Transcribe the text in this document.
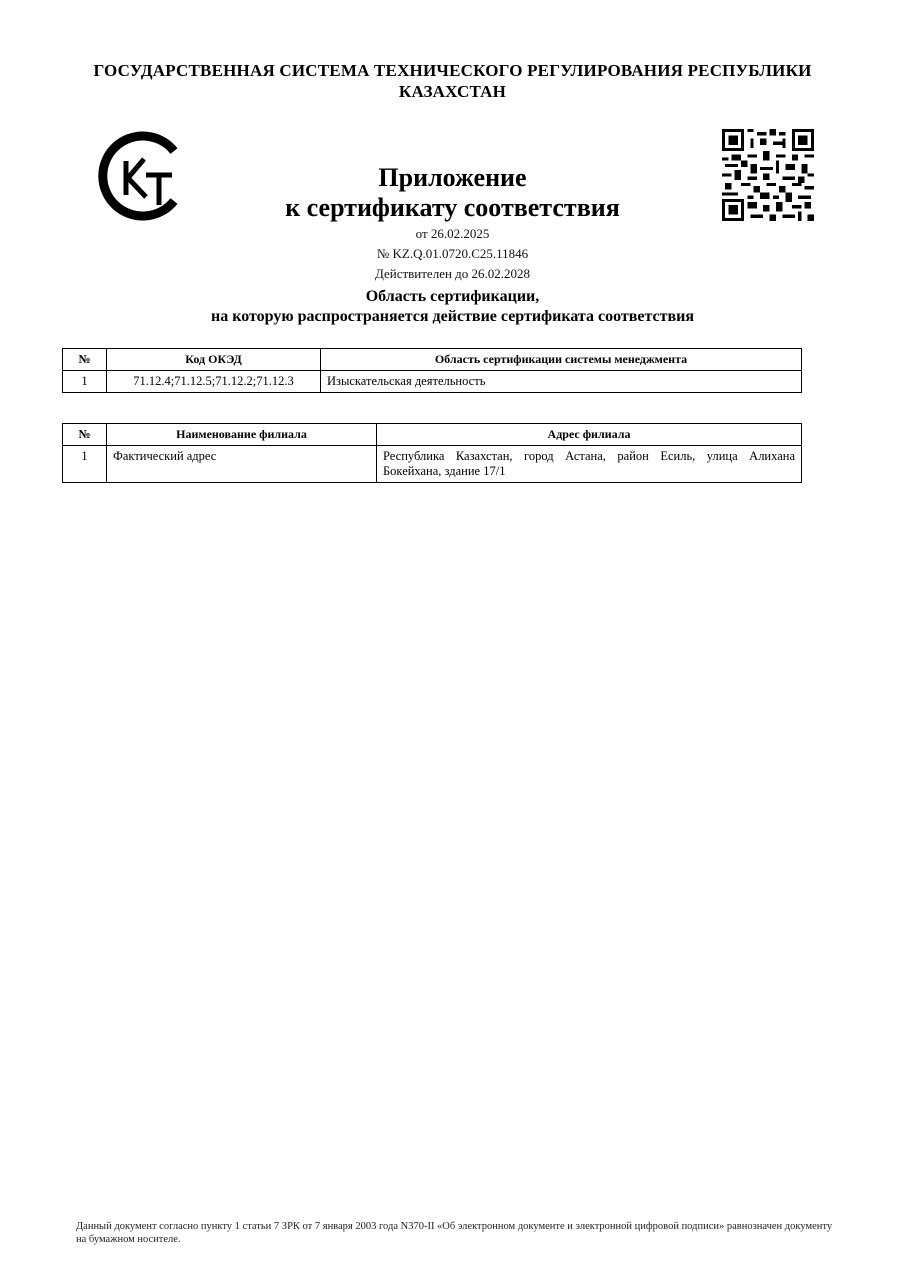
ГОСУДАРСТВЕННАЯ СИСТЕМА ТЕХНИЧЕСКОГО РЕГУЛИРОВАНИЯ РЕСПУБЛИКИ КАЗАХСТАН
Приложение
к сертификату соответствия
от 26.02.2025
№ KZ.Q.01.0720.C25.11846
Действителен до 26.02.2028
Область сертификации,
на которую распространяется действие сертификата соответствия
№	Код ОКЭД	Область сертификации системы менеджмента
1	71.12.4;71.12.5;71.12.2;71.12.3	Изыскательская деятельность
№	Наименование филиала	Адрес филиала
1	Фактический адрес	Республика Казахстан, город Астана, район Есиль, улица Алихана Бокейхана, здание 17/1
Данный документ согласно пункту 1 статьи 7 ЗРК от 7 января 2003 года N370-II «Об электронном документе и электронной цифровой подписи» равнозначен документу на бумажном носителе.
